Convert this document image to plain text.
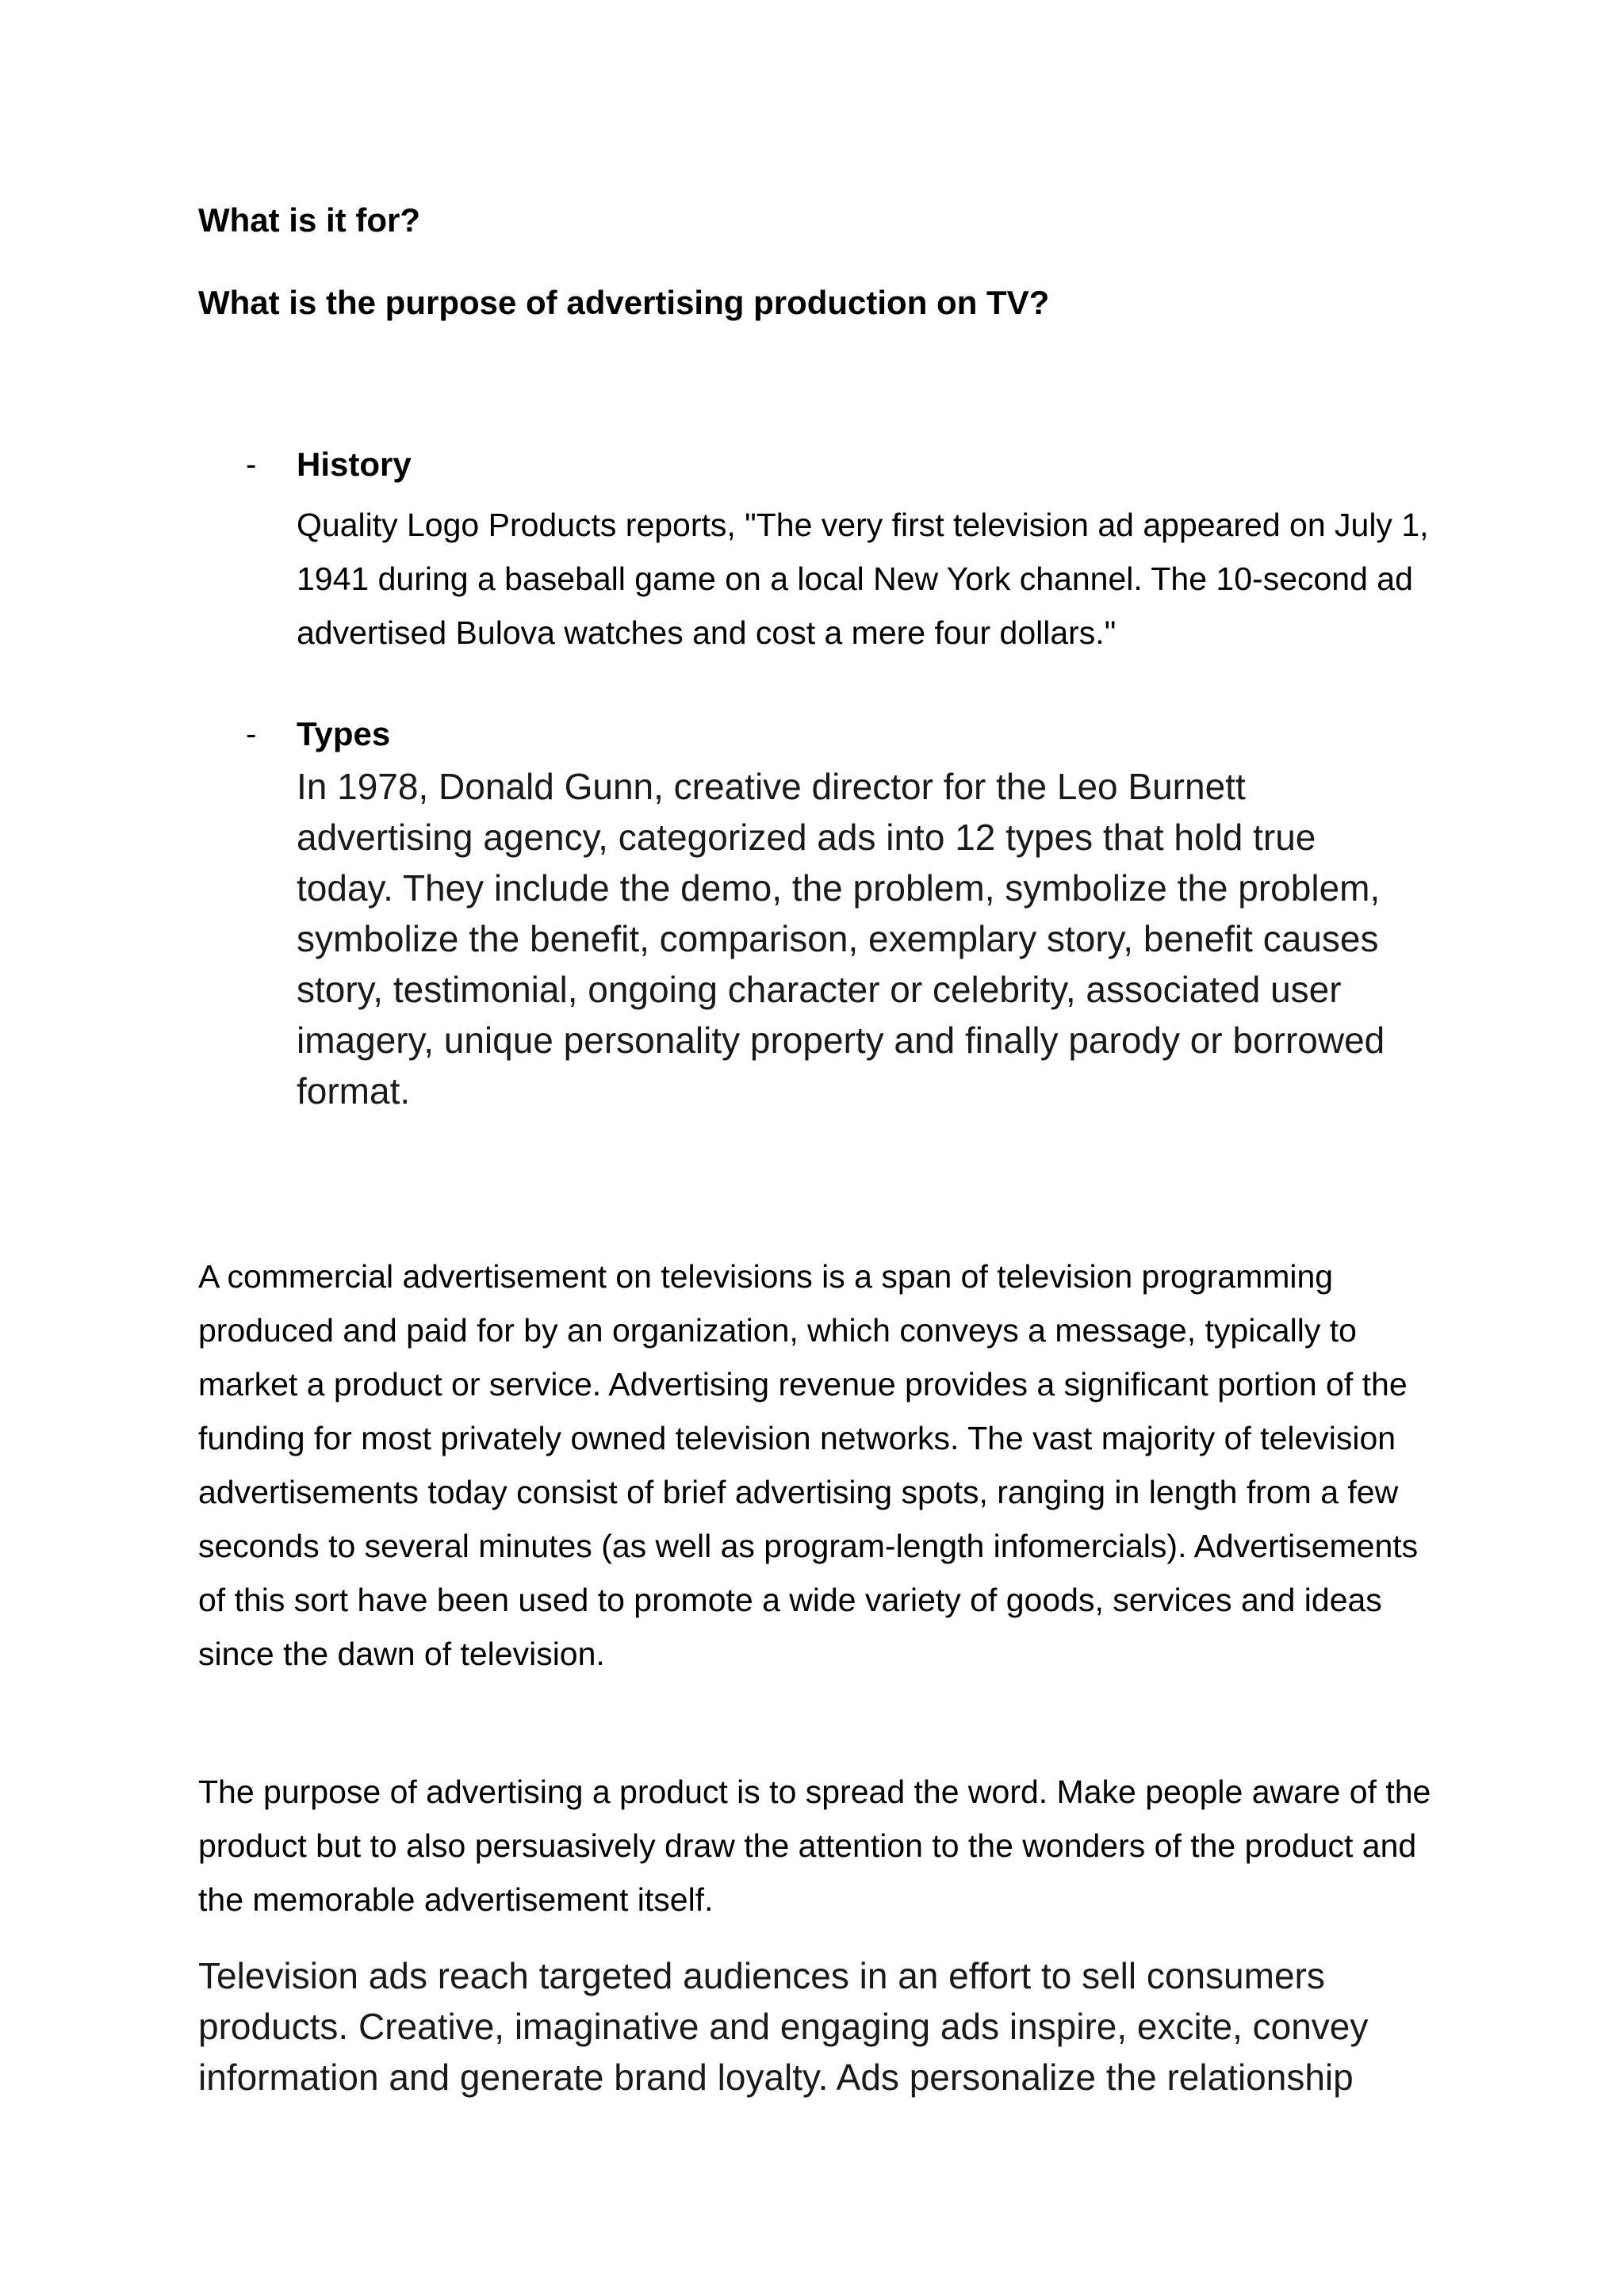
What is it for?
What is the purpose of advertising production on TV?
- History

Quality Logo Products reports, "The very first television ad appeared on July 1, 1941 during a baseball game on a local New York channel. The 10-second ad advertised Bulova watches and cost a mere four dollars."

- Types

In 1978, Donald Gunn, creative director for the Leo Burnett advertising agency, categorized ads into 12 types that hold true today. They include the demo, the problem, symbolize the problem, symbolize the benefit, comparison, exemplary story, benefit causes story, testimonial, ongoing character or celebrity, associated user imagery, unique personality property and finally parody or borrowed format.

A commercial advertisement on televisions is a span of television programming produced and paid for by an organization, which conveys a message, typically to market a product or service. Advertising revenue provides a significant portion of the funding for most privately owned television networks. The vast majority of television advertisements today consist of brief advertising spots, ranging in length from a few seconds to several minutes (as well as program-length infomercials). Advertisements of this sort have been used to promote a wide variety of goods, services and ideas since the dawn of television.

The purpose of advertising a product is to spread the word. Make people aware of the product but to also persuasively draw the attention to the wonders of the product and the memorable advertisement itself.

Television ads reach targeted audiences in an effort to sell consumers products. Creative, imaginative and engaging ads inspire, excite, convey information and generate brand loyalty. Ads personalize the relationship
